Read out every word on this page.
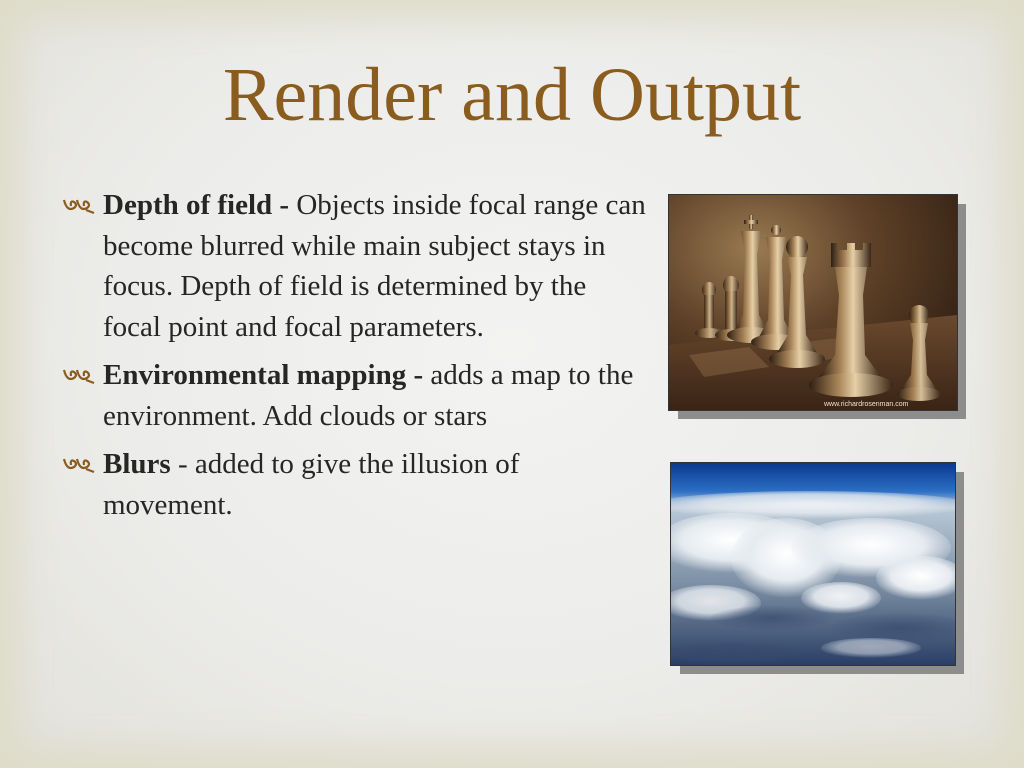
Render and Output
Depth of field - Objects inside focal range can become blurred while main subject stays in focus. Depth of field is determined by the focal point and focal parameters.
Environmental mapping - adds a map to the environment. Add clouds or stars
Blurs - added to give the illusion of movement.
www.richardrosenman.com
